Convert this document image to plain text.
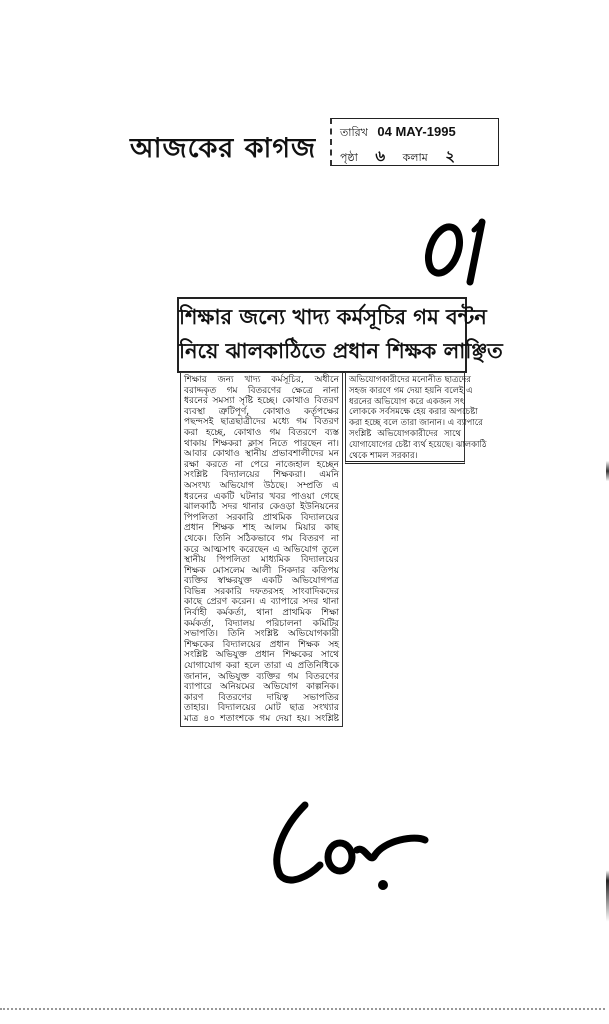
আজকের কাগজ
তারিখ 04 MAY-1995
পৃষ্ঠা ৬ কলাম ২
শিক্ষার জন্যে খাদ্য কর্মসূচির গম বন্টন
নিয়ে ঝালকাঠিতে প্রধান শিক্ষক লাঞ্ছিত
শিক্ষার জন্য খাদ্য কর্মসূচির, অধীনে
বরাদ্দকৃত গম বিতরণের ক্ষেত্রে নানা
ধরনের সমস্যা সৃষ্টি হচ্ছে। কোথাও বিতরণ
ব্যবস্থা ত্রুটিপূর্ণ, কোথাও কর্তৃপক্ষের
পছন্দসই ছাত্রছাত্রীদের মধ্যে গম বিতরণ
করা হচ্ছে, কোথাও গম বিতরণে ব্যস্ত
থাকায় শিক্ষকরা ক্লাস নিতে পারছেন না।
আবার কোথাও স্থানীয় প্রভাবশালীদের মন
রক্ষা করতে না পেরে নাজেহাল হচ্ছেন
সংশ্লিষ্ট বিদ্যালয়ের শিক্ষকরা। এমনি
অসংখ্য অভিযোগ উঠছে। সম্প্রতি এ
ধরনের একটি ঘটনার খবর পাওয়া গেছে
ঝালকাঠি সদর থানার কেওড়া ইউনিয়নের
পিপলিতা সরকারি প্রাথমিক বিদ্যালয়ের
প্রধান শিক্ষক শাহ আলম মিয়ার কাছ
থেকে। তিনি সঠিকভাবে গম বিতরণ না
করে আত্মসাৎ করেছেন এ অভিযোগ তুলে
স্থানীয় পিপলিতা মাধ্যমিক বিদ্যালয়ের
শিক্ষক মোসলেম আলী সিকদার কতিপয়
ব্যক্তির স্বাক্ষরযুক্ত একটি অভিযোগপত্র
বিভিন্ন সরকারি দফতরসহ সাংবাদিকদের
কাছে প্রেরণ করেন। এ ব্যাপারে সদর থানা
নির্বাহী কর্মকর্তা, থানা প্রাথমিক শিক্ষা
কর্মকর্তা, বিদ্যালয় পরিচালনা কমিটির
সভাপতি। তিনি সংশ্লিষ্ট অভিযোগকারী
শিক্ষকের বিদ্যালয়ের প্রধান শিক্ষক সহ
সংশ্লিষ্ট অভিযুক্ত প্রধান শিক্ষকের সাথে
যোগাযোগ করা হলে তারা এ প্রতিনিধিকে
জানান, অভিযুক্ত ব্যক্তির গম বিতরণের
ব্যাপারে অনিয়মের অভিযোগ কাল্পনিক।
কারণ বিতরণের দায়িত্ব সভাপতির
তাহার। বিদ্যালয়ের মোট ছাত্র সংখ্যার
মাত্র ৪০ শতাংশকে গম দেয়া হয়। সংশ্লিষ্ট
অভিযোগকারীদের মনোনীত ছাত্রদের
সহজ কারণে গম দেয়া হয়নি বলেই এ
ধরনের অভিযোগ করে একজন সৎ
লোককে সর্বসমক্ষে হেয় করার অপচেষ্টা
করা হচ্ছে বলে তারা জানান। এ ব্যাপারে
সংশ্লিষ্ট অভিযোগকারীদের সাথে
যোগাযোগের চেষ্টা ব্যর্থ হয়েছে। ঝালকাঠি
থেকে শামল সরকার।
